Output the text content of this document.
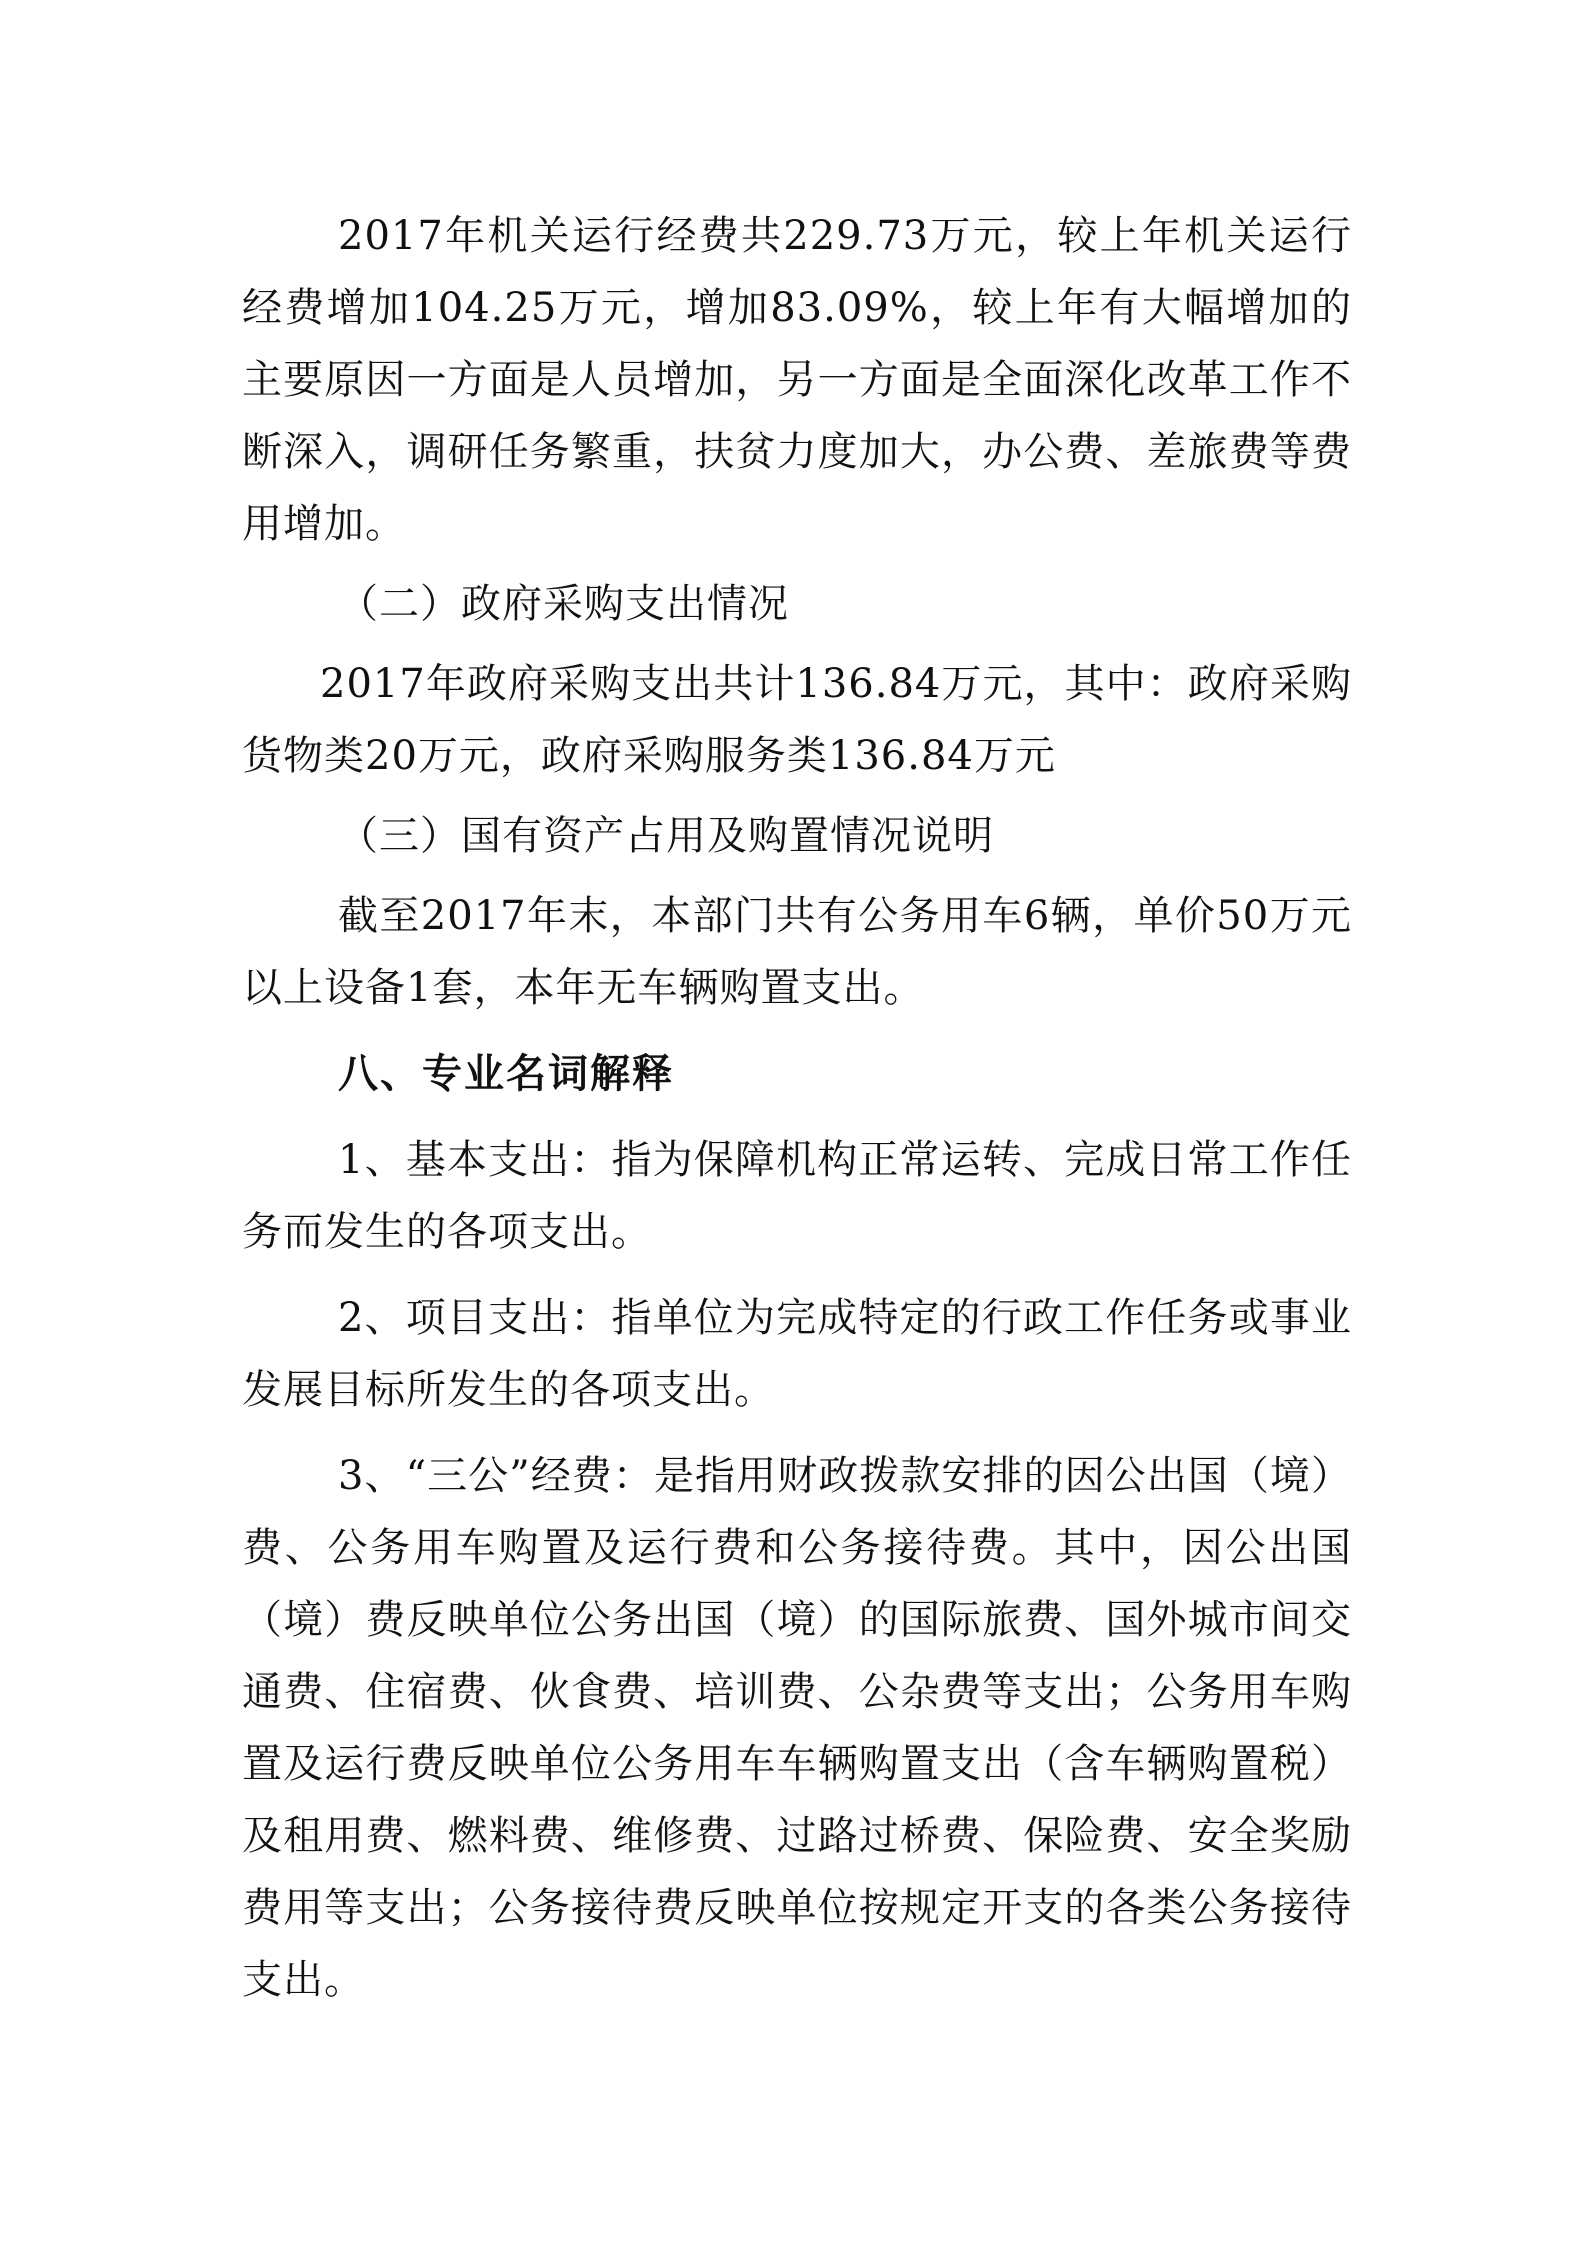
2017年机关运行经费共229.73万元，较上年机关运行经费增加104.25万元，增加83.09%，较上年有大幅增加的主要原因一方面是人员增加，另一方面是全面深化改革工作不断深入，调研任务繁重，扶贫力度加大，办公费、差旅费等费用增加。

（二）政府采购支出情况

2017年政府采购支出共计136.84万元，其中：政府采购货物类20万元，政府采购服务类136.84万元

（三）国有资产占用及购置情况说明

截至2017年末，本部门共有公务用车6辆，单价50万元以上设备1套，本年无车辆购置支出。

八、专业名词解释

1、基本支出：指为保障机构正常运转、完成日常工作任务而发生的各项支出。

2、项目支出：指单位为完成特定的行政工作任务或事业发展目标所发生的各项支出。

3、“三公”经费：是指用财政拨款安排的因公出国（境）费、公务用车购置及运行费和公务接待费。其中，因公出国（境）费反映单位公务出国（境）的国际旅费、国外城市间交通费、住宿费、伙食费、培训费、公杂费等支出；公务用车购置及运行费反映单位公务用车车辆购置支出（含车辆购置税）及租用费、燃料费、维修费、过路过桥费、保险费、安全奖励费用等支出；公务接待费反映单位按规定开支的各类公务接待支出。
